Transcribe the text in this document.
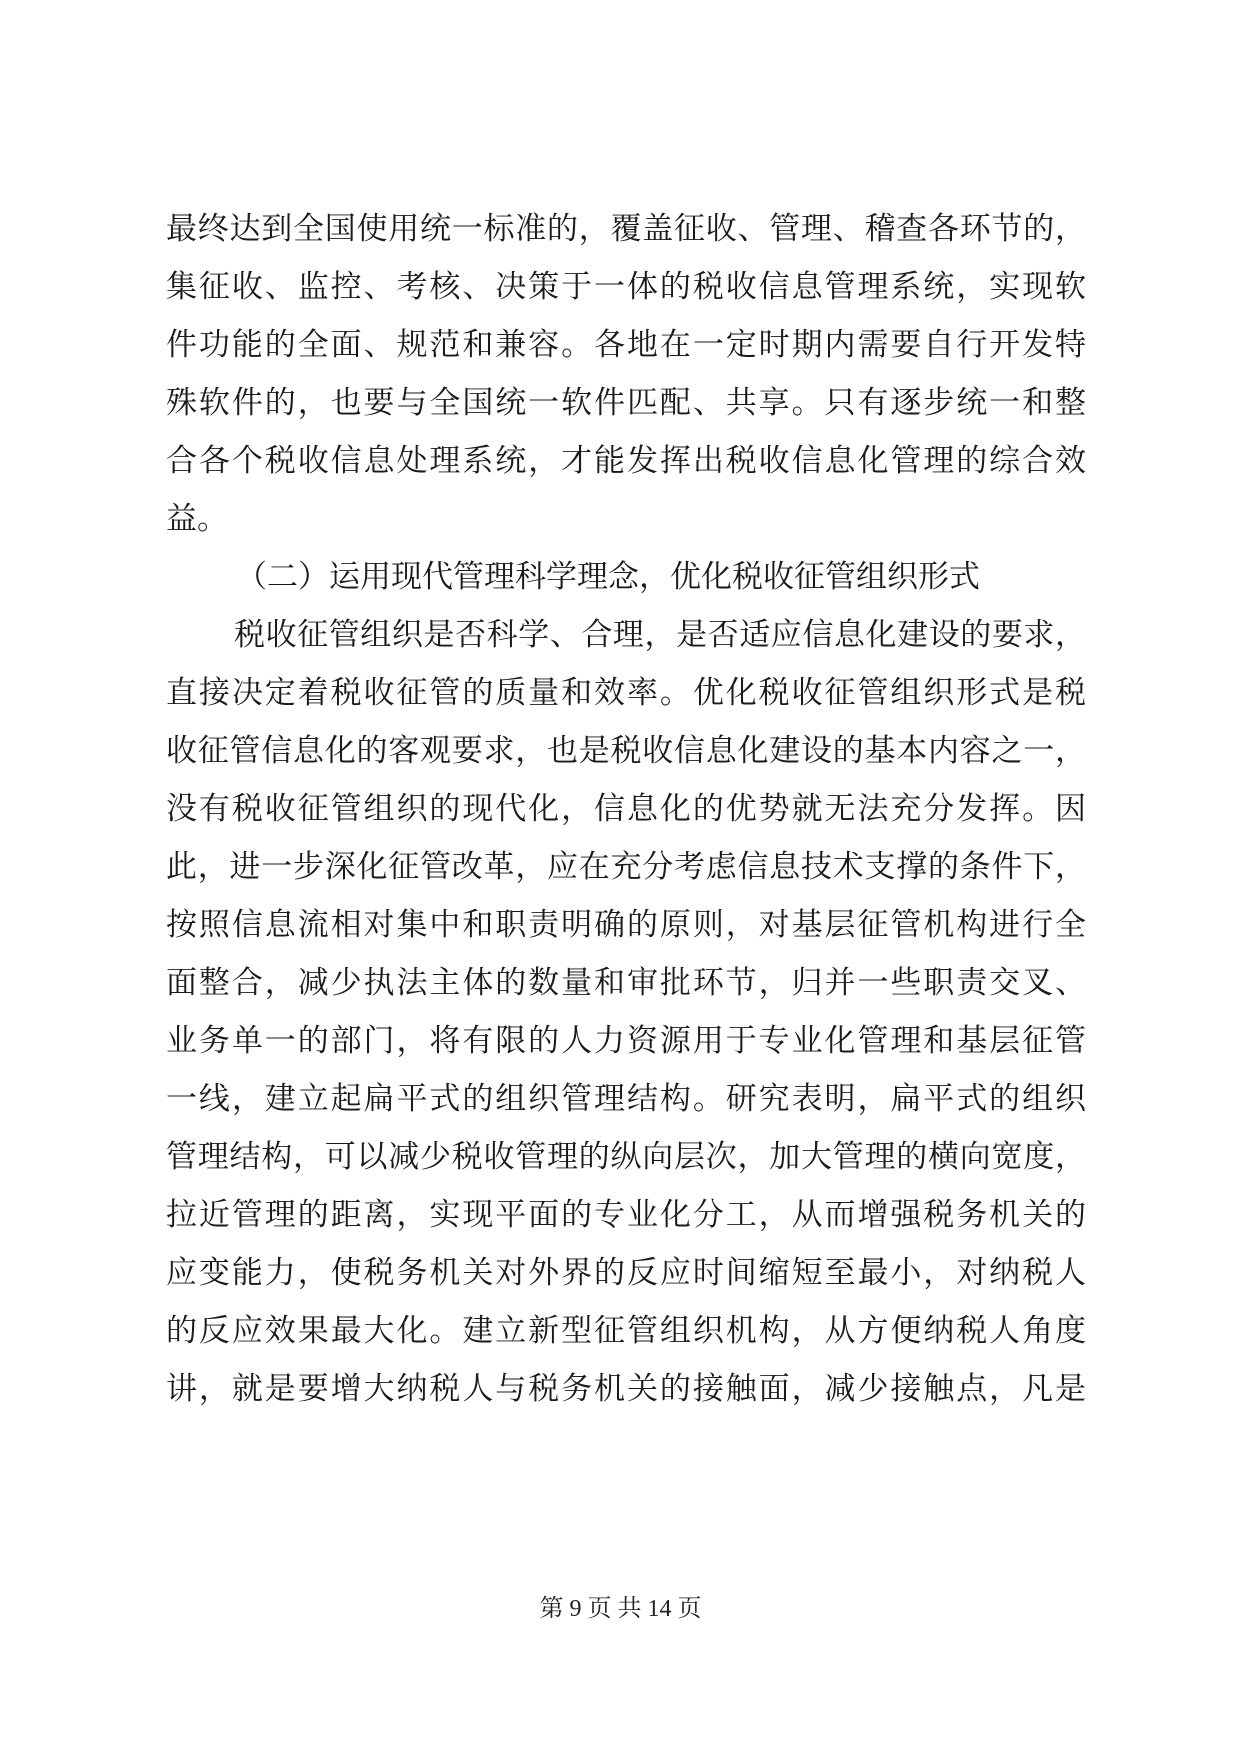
最终达到全国使用统一标准的，覆盖征收、管理、稽查各环节的，
集征收、监控、考核、决策于一体的税收信息管理系统，实现软
件功能的全面、规范和兼容。各地在一定时期内需要自行开发特
殊软件的，也要与全国统一软件匹配、共享。只有逐步统一和整
合各个税收信息处理系统，才能发挥出税收信息化管理的综合效
益。
（二）运用现代管理科学理念，优化税收征管组织形式
税收征管组织是否科学、合理，是否适应信息化建设的要求，
直接决定着税收征管的质量和效率。优化税收征管组织形式是税
收征管信息化的客观要求，也是税收信息化建设的基本内容之一，
没有税收征管组织的现代化，信息化的优势就无法充分发挥。因
此，进一步深化征管改革，应在充分考虑信息技术支撑的条件下，
按照信息流相对集中和职责明确的原则，对基层征管机构进行全
面整合，减少执法主体的数量和审批环节，归并一些职责交叉、
业务单一的部门，将有限的人力资源用于专业化管理和基层征管
一线，建立起扁平式的组织管理结构。研究表明，扁平式的组织
管理结构，可以减少税收管理的纵向层次，加大管理的横向宽度，
拉近管理的距离，实现平面的专业化分工，从而增强税务机关的
应变能力，使税务机关对外界的反应时间缩短至最小，对纳税人
的反应效果最大化。建立新型征管组织机构，从方便纳税人角度
讲，就是要增大纳税人与税务机关的接触面，减少接触点，凡是
第 9 页 共 14 页
